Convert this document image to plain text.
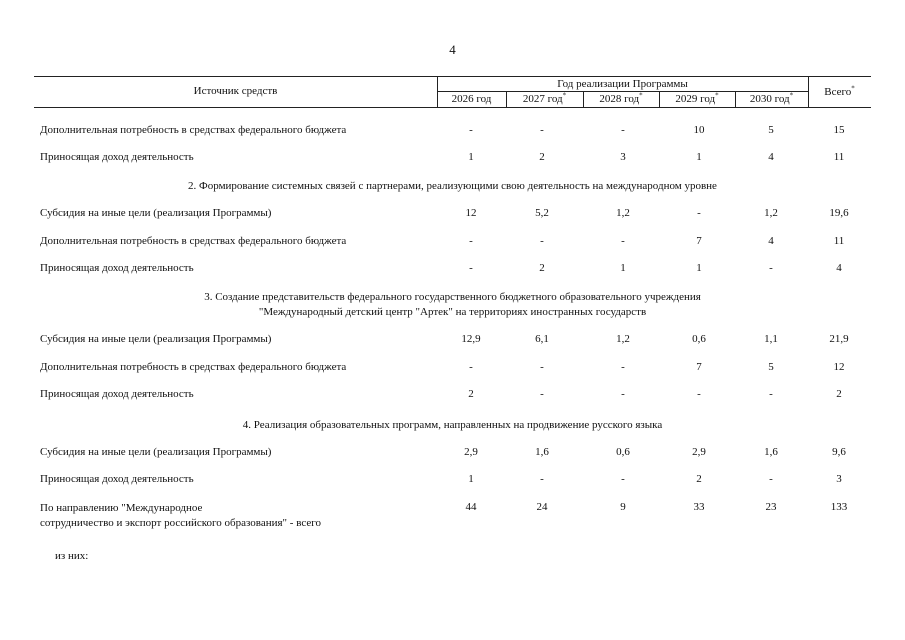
4
Источник средств
Год реализации Программы
2026 год	2027 год*	2028 год*	2029 год*	2030 год*	Всего*
Дополнительная потребность в средствах федерального бюджета	-	-	-	10	5	15
Приносящая доход деятельность	1	2	3	1	4	11
2. Формирование системных связей с партнерами, реализующими свою деятельность на международном уровне
Субсидия на иные цели (реализация Программы)	12	5,2	1,2	-	1,2	19,6
Дополнительная потребность в средствах федерального бюджета	-	-	-	7	4	11
Приносящая доход деятельность	-	2	1	1	-	4
3. Создание представительств федерального государственного бюджетного образовательного учреждения
"Международный детский центр "Артек" на территориях иностранных государств
Субсидия на иные цели (реализация Программы)	12,9	6,1	1,2	0,6	1,1	21,9
Дополнительная потребность в средствах федерального бюджета	-	-	-	7	5	12
Приносящая доход деятельность	2	-	-	-	-	2
4. Реализация образовательных программ, направленных на продвижение русского языка
Субсидия на иные цели (реализация Программы)	2,9	1,6	0,6	2,9	1,6	9,6
Приносящая доход деятельность	1	-	-	2	-	3
По направлению "Международное
сотрудничество и экспорт российского образования" - всего
44	24	9	33	23	133
из них:
